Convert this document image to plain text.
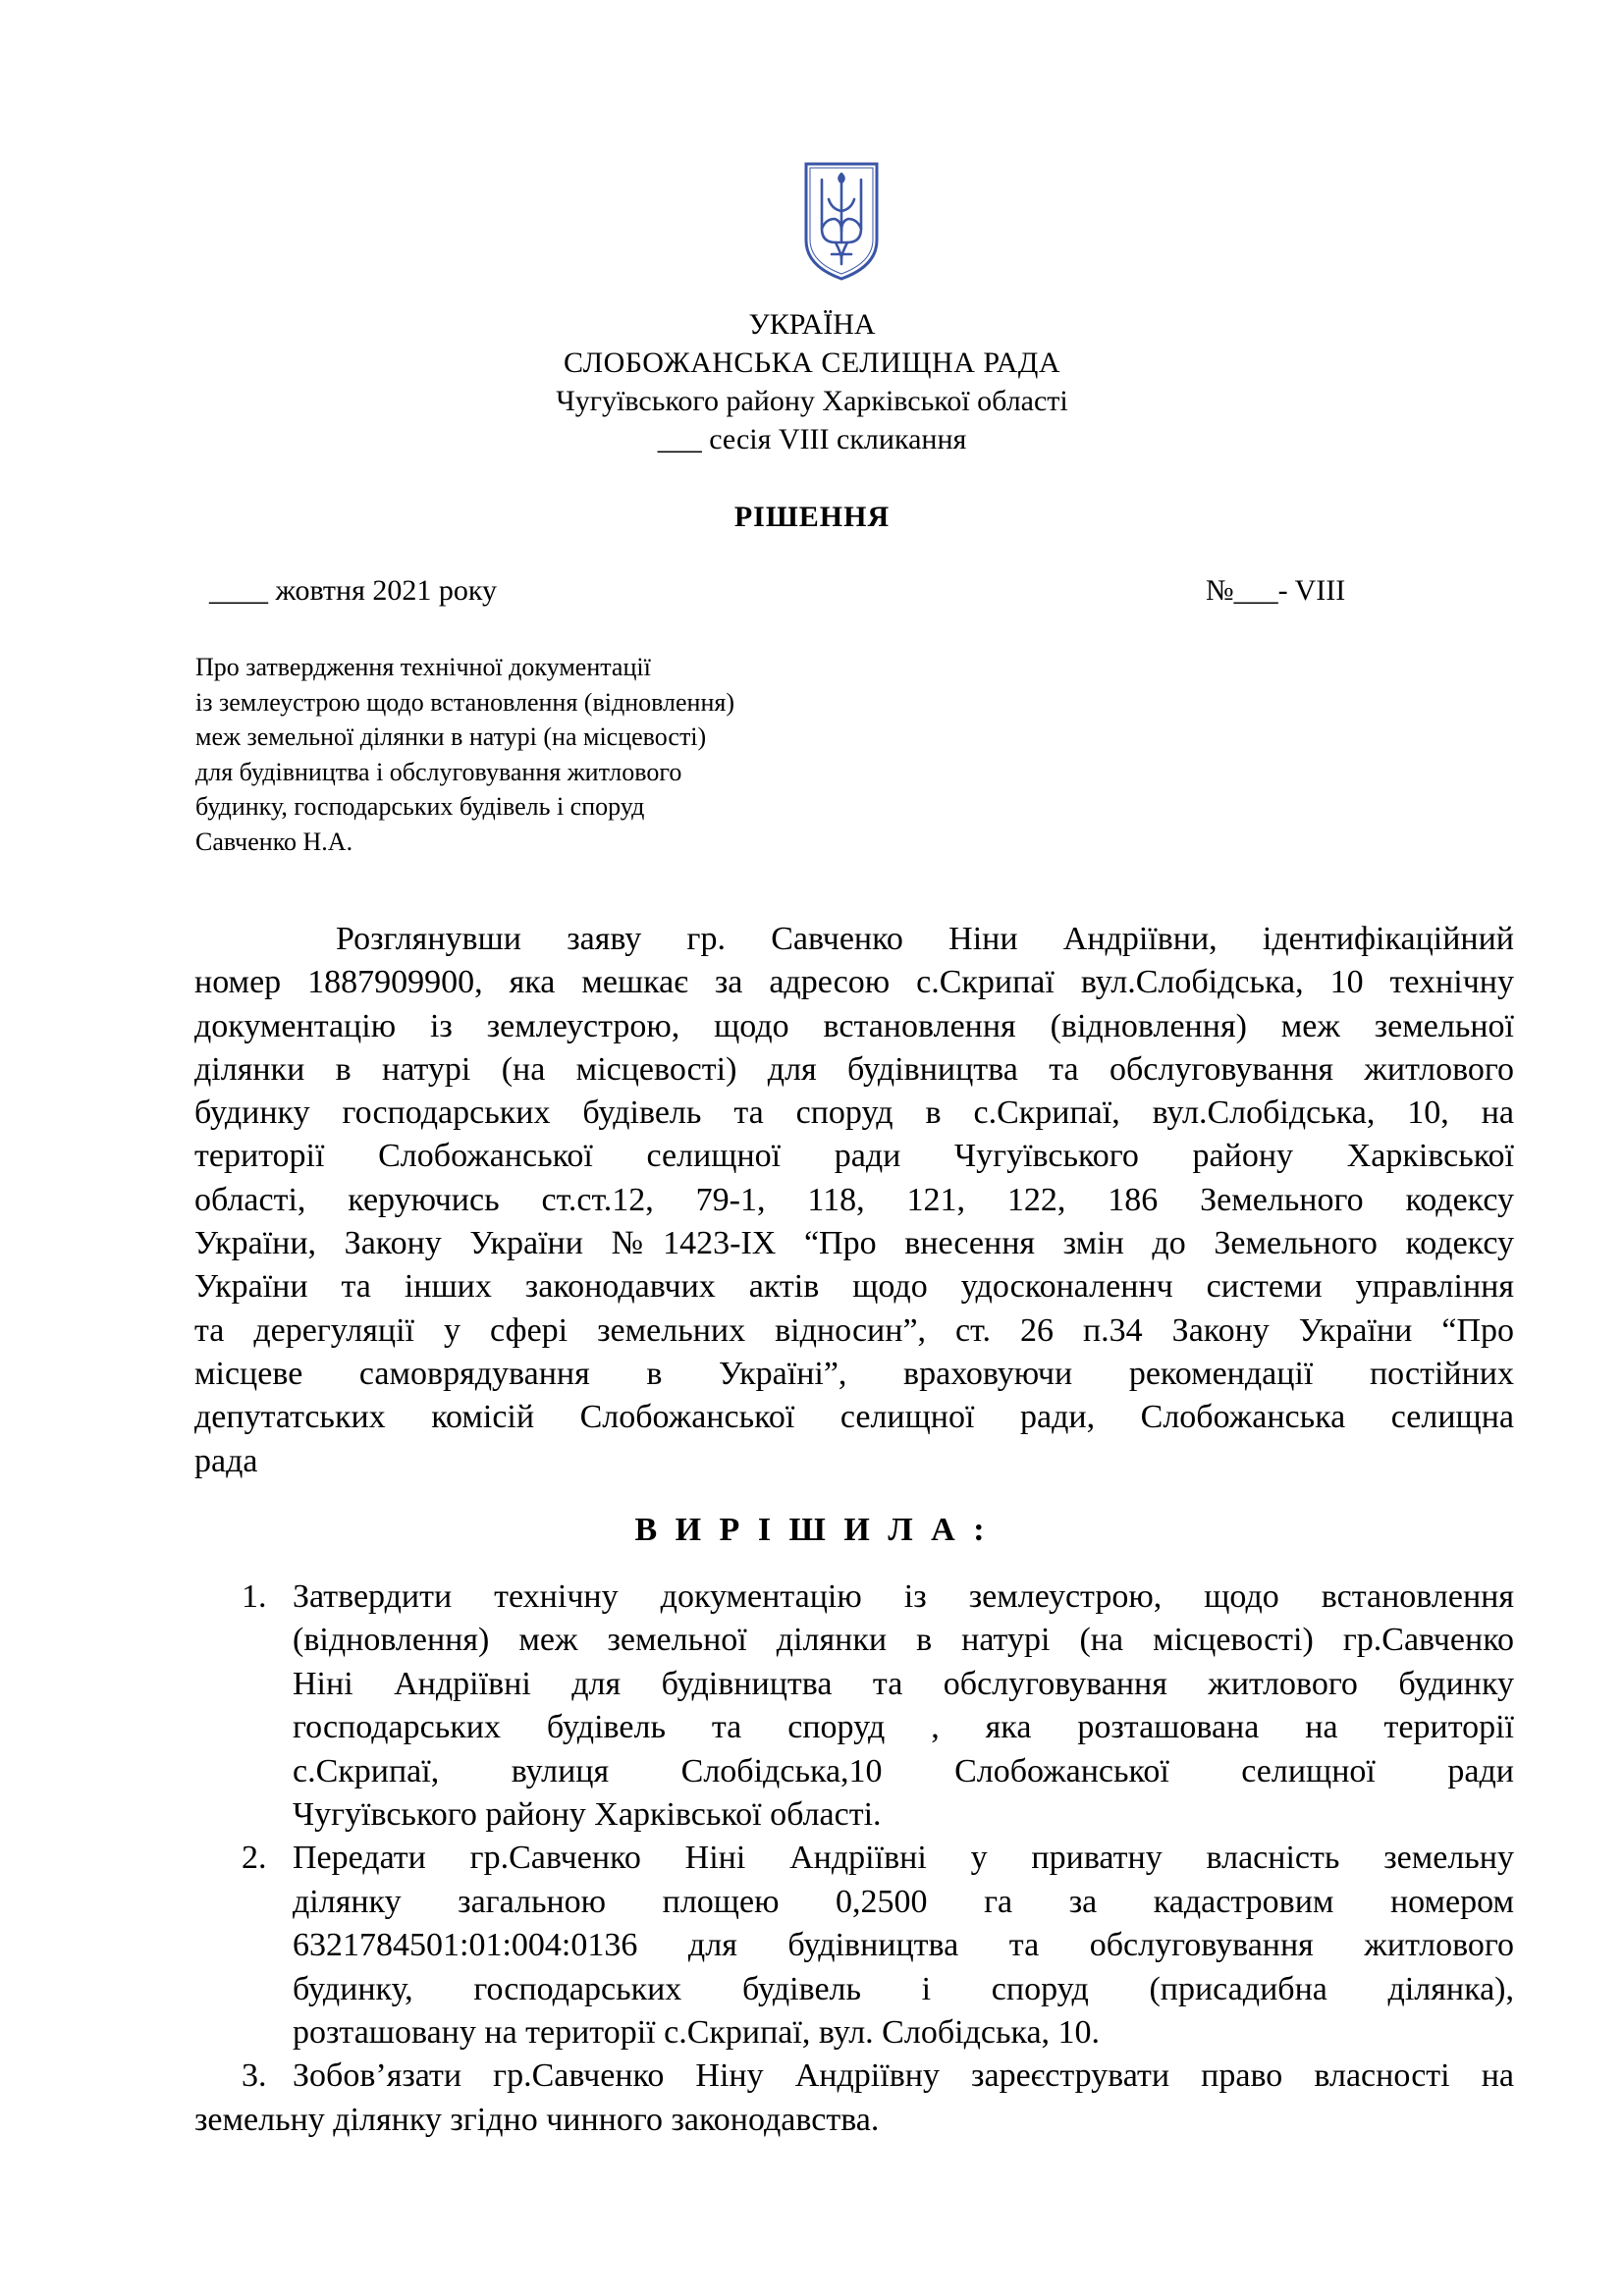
УКРАЇНА
СЛОБОЖАНСЬКА СЕЛИЩНА РАДА
Чугуївського району Харківської області
___ сесія VIII скликання
РІШЕННЯ
____ жовтня 2021 року	№___- VIII
Про затвердження технічної документації
із землеустрою щодо встановлення (відновлення)
меж земельної ділянки в натурі (на місцевості)
для будівництва і обслуговування житлового
будинку, господарських будівель і споруд
Савченко Н.А.
Розглянувши заяву гр. Савченко Ніни Андріївни, ідентифікаційний
номер 1887909900, яка мешкає за адресою с.Скрипаї вул.Слобідська, 10 технічну
документацію із землеустрою, щодо встановлення (відновлення) меж земельної
ділянки в натурі (на місцевості) для будівництва та обслуговування житлового
будинку господарських будівель та споруд в с.Скрипаї, вул.Слобідська, 10, на
території Слобожанської селищної ради Чугуївського району Харківської
області, керуючись ст.ст.12, 79-1, 118, 121, 122, 186 Земельного кодексу
України, Закону України №1423-IX “Про внесення змін до Земельного кодексу
України та інших законодавчих актів щодо удосконаленнч системи управління
та дерегуляції у сфері земельних відносин”, ст. 26 п.34 Закону України “Про
місцеве самоврядування в Україні”, враховуючи рекомендації постійних
депутатських комісій Слобожанської селищної ради, Слобожанська селищна
рада
В И Р І Ш И Л А :
1. Затвердити технічну документацію із землеустрою, щодо встановлення
(відновлення) меж земельної ділянки в натурі (на місцевості) гр.Савченко
Ніні Андріївні для будівництва та обслуговування житлового будинку
господарських будівель та споруд , яка розташована на території
с.Скрипаї, вулиця Слобідська,10 Слобожанської селищної ради
Чугуївського району Харківської області.
2. Передати гр.Савченко Ніні Андріївні у приватну власність земельну
ділянку загальною площею 0,2500 га за кадастровим номером
6321784501:01:004:0136 для будівництва та обслуговування житлового
будинку, господарських будівель і споруд (присадибна ділянка),
розташовану на території с.Скрипаї, вул. Слобідська, 10.
3. Зобов’язати гр.Савченко Ніну Андріївну зареєструвати право власності на
земельну ділянку згідно чинного законодавства.
